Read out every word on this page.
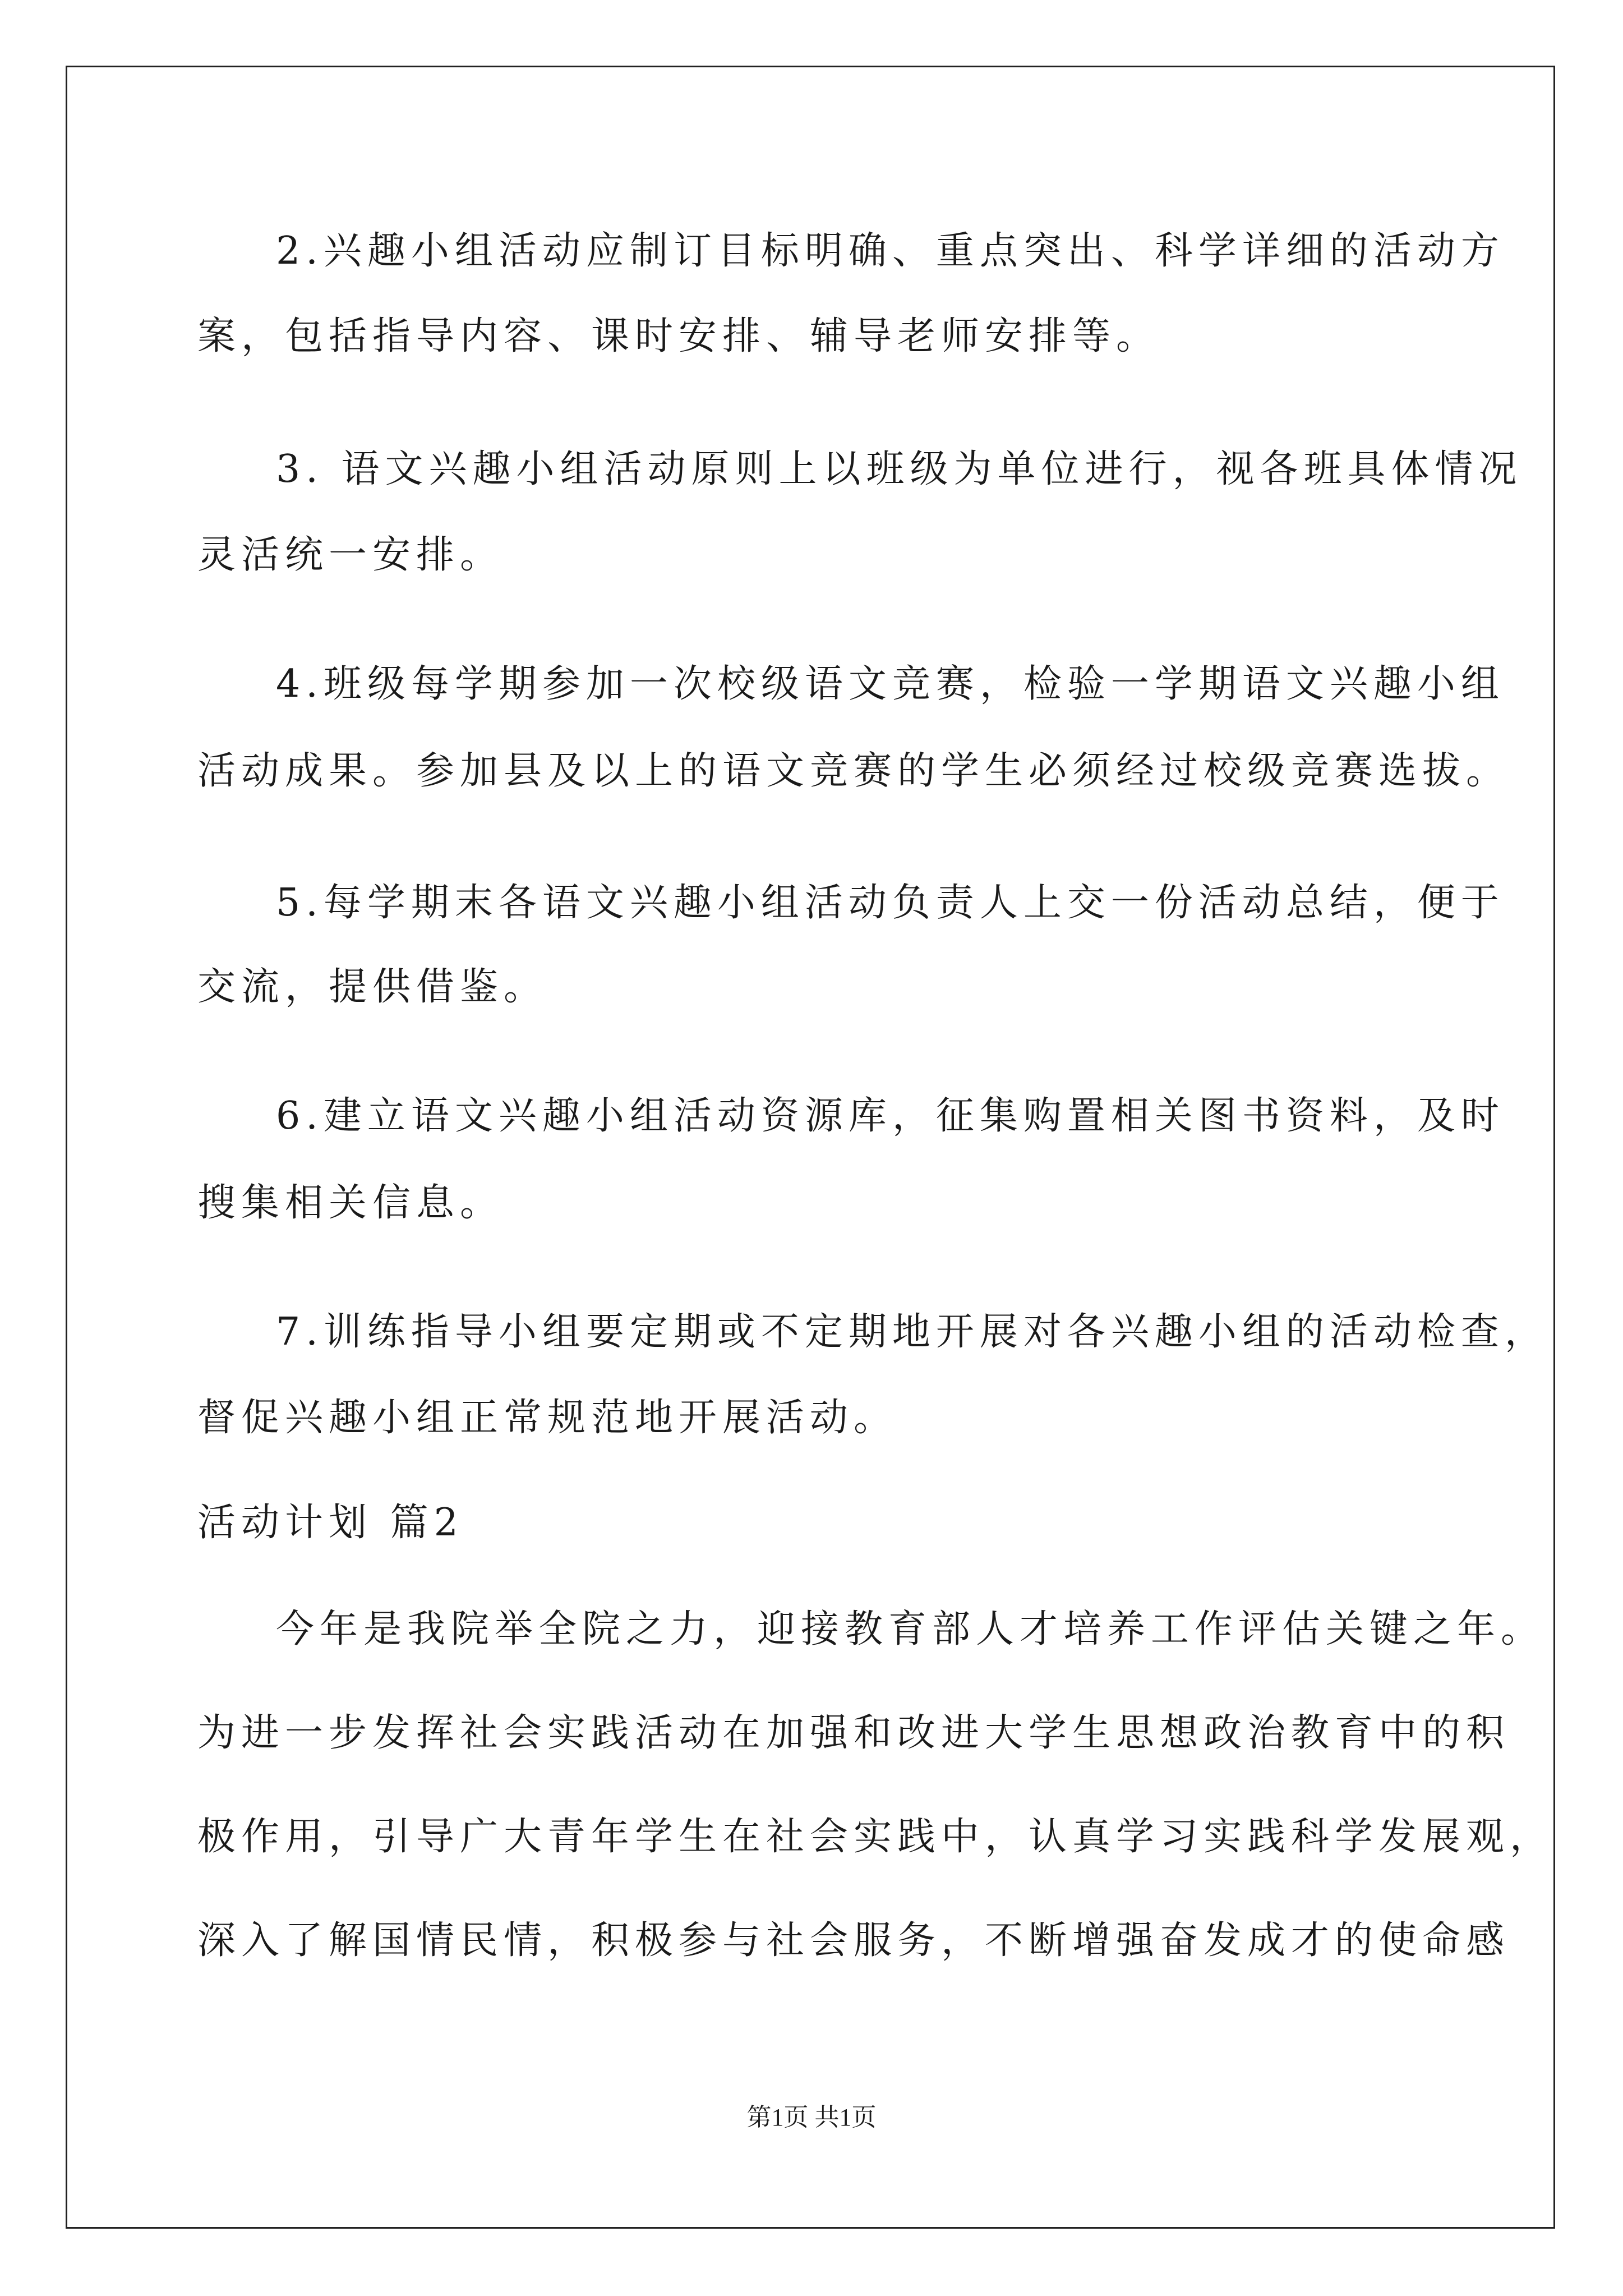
2.兴趣小组活动应制订目标明确、重点突出、科学详细的活动方
案，包括指导内容、课时安排、辅导老师安排等。
3. 语文兴趣小组活动原则上以班级为单位进行，视各班具体情况
灵活统一安排。
4.班级每学期参加一次校级语文竞赛，检验一学期语文兴趣小组
活动成果。参加县及以上的语文竞赛的学生必须经过校级竞赛选拔。
5.每学期末各语文兴趣小组活动负责人上交一份活动总结，便于
交流，提供借鉴。
6.建立语文兴趣小组活动资源库，征集购置相关图书资料，及时
搜集相关信息。
7.训练指导小组要定期或不定期地开展对各兴趣小组的活动检查，
督促兴趣小组正常规范地开展活动。
活动计划 篇2
今年是我院举全院之力，迎接教育部人才培养工作评估关键之年。
为进一步发挥社会实践活动在加强和改进大学生思想政治教育中的积
极作用，引导广大青年学生在社会实践中，认真学习实践科学发展观，
深入了解国情民情，积极参与社会服务，不断增强奋发成才的使命感
第1页 共1页
